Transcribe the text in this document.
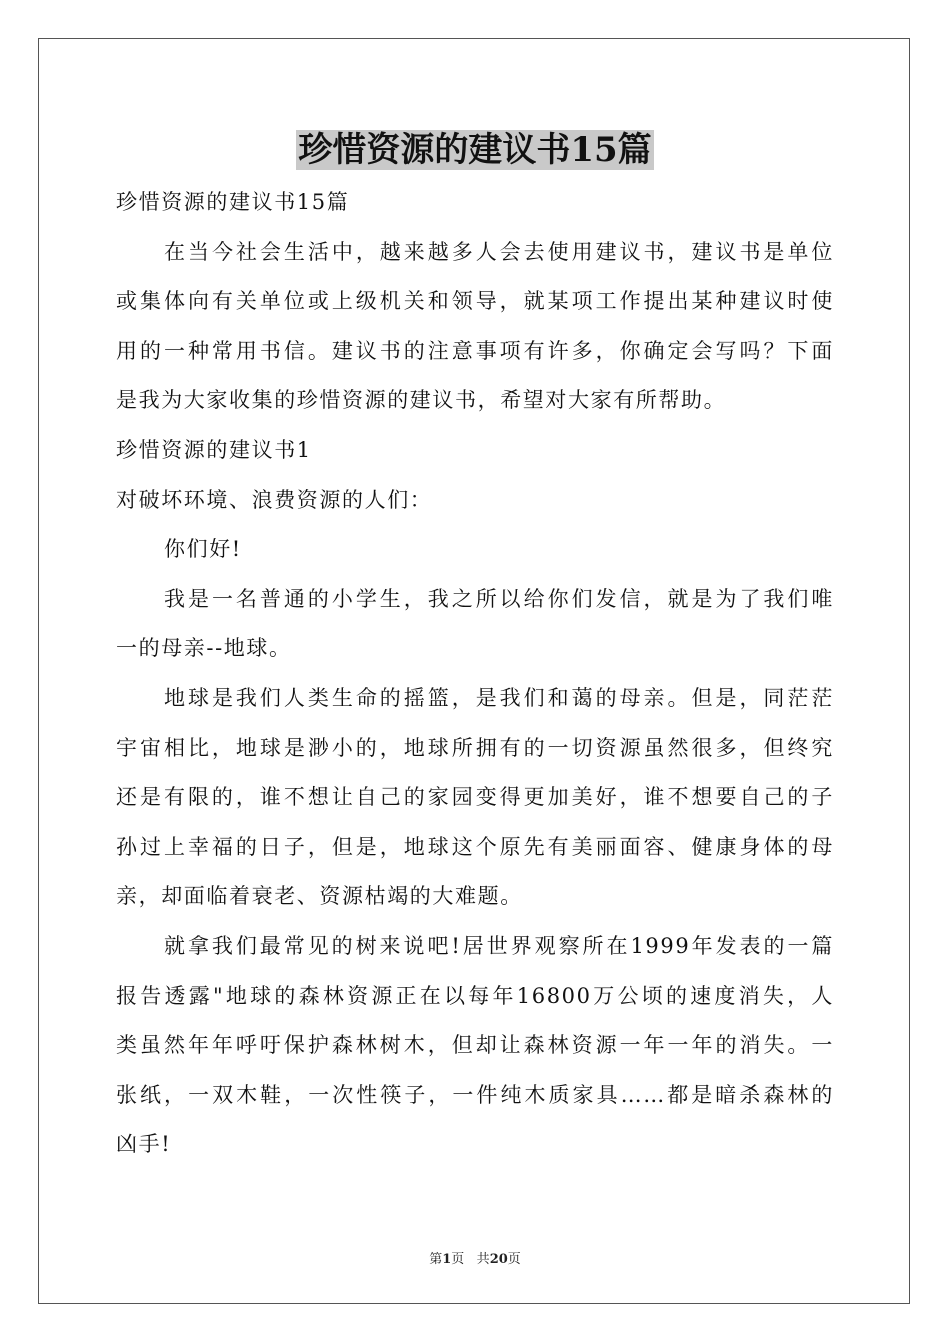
珍惜资源的建议书15篇

珍惜资源的建议书15篇

在当今社会生活中，越来越多人会去使用建议书，建议书是单位

或集体向有关单位或上级机关和领导，就某项工作提出某种建议时使

用的一种常用书信。建议书的注意事项有许多，你确定会写吗？下面

是我为大家收集的珍惜资源的建议书，希望对大家有所帮助。

珍惜资源的建议书1

对破坏环境、浪费资源的人们：

你们好!

我是一名普通的小学生，我之所以给你们发信，就是为了我们唯

一的母亲--地球。

地球是我们人类生命的摇篮，是我们和蔼的母亲。但是，同茫茫

宇宙相比，地球是渺小的，地球所拥有的一切资源虽然很多，但终究

还是有限的，谁不想让自己的家园变得更加美好，谁不想要自己的子

孙过上幸福的日子，但是，地球这个原先有美丽面容、健康身体的母

亲，却面临着衰老、资源枯竭的大难题。

就拿我们最常见的树来说吧!居世界观察所在1999年发表的一篇

报告透露"地球的森林资源正在以每年16800万公顷的速度消失，人

类虽然年年呼吁保护森林树木，但却让森林资源一年一年的消失。一

张纸，一双木鞋，一次性筷子，一件纯木质家具……都是暗杀森林的

凶手!

第1页 共20页
